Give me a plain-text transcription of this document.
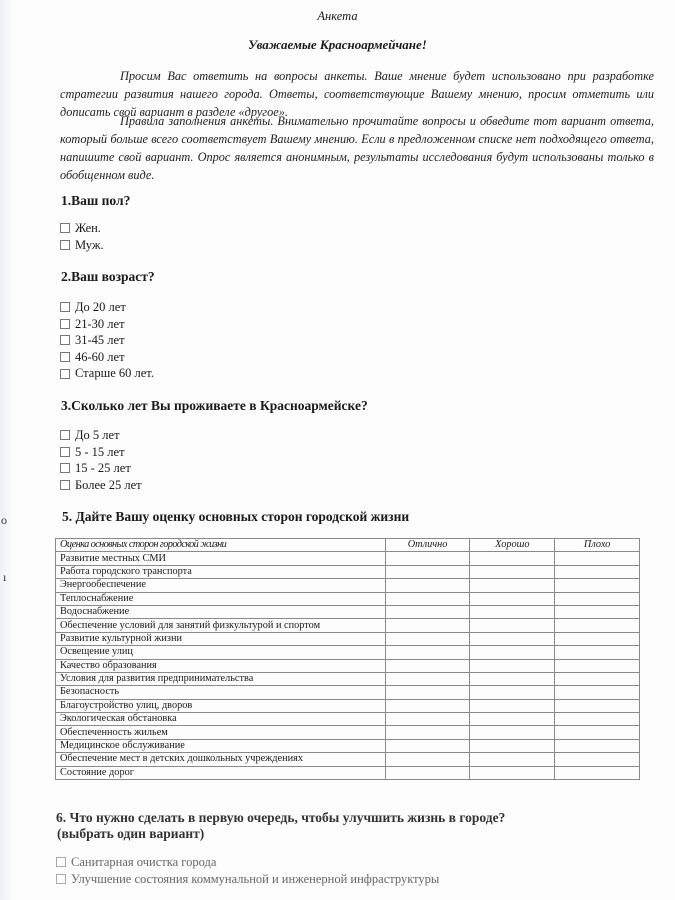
Анкета
Уважаемые Красноармейчане!

Просим Вас ответить на вопросы анкеты. Ваше мнение будет использовано при разработке стратегии развития нашего города. Ответы, соответствующие Вашему мнению, просим отметить или дописать свой вариант в разделе «другое».

Правила заполнения анкеты. Внимательно прочитайте вопросы и обведите тот вариант ответа, который больше всего соответствует Вашему мнению. Если в предложенном списке нет подходящего ответа, напишите свой вариант. Опрос является анонимным, результаты исследования будут использованы только в обобщенном виде.

1.Ваш пол?
Жен.
Муж.
2.Ваш возраст?
До 20 лет
21-30 лет
31-45 лет
46-60 лет
Старше 60 лет.
3.Сколько лет Вы проживаете в Красноармейске?
До 5 лет
5 - 15 лет
15 - 25 лет
Более 25 лет
5. Дайте Вашу оценку основных сторон городской жизни
Оценка основных сторон городской жизни	Отлично	Хорошо	Плохо
Развитие местных СМИ			
Работа городского транспорта			
Энергообеспечение			
Теплоснабжение			
Водоснабжение			
Обеспечение условий для занятий физкультурой и спортом			
Развитие культурной жизни			
Освещение улиц			
Качество образования			
Условия для развития предпринимательства			
Безопасность			
Благоустройство улиц, дворов			
Экологическая обстановка			
Обеспеченность жильем			
Медицинское обслуживание			
Обеспечение мест в детских дошкольных учреждениях			
Состояние дорог			
6. Что нужно сделать в первую очередь, чтобы улучшить жизнь в городе?
(выбрать один вариант)
Санитарная очистка города
Улучшение состояния коммунальной и инженерной инфраструктуры
о
ı
